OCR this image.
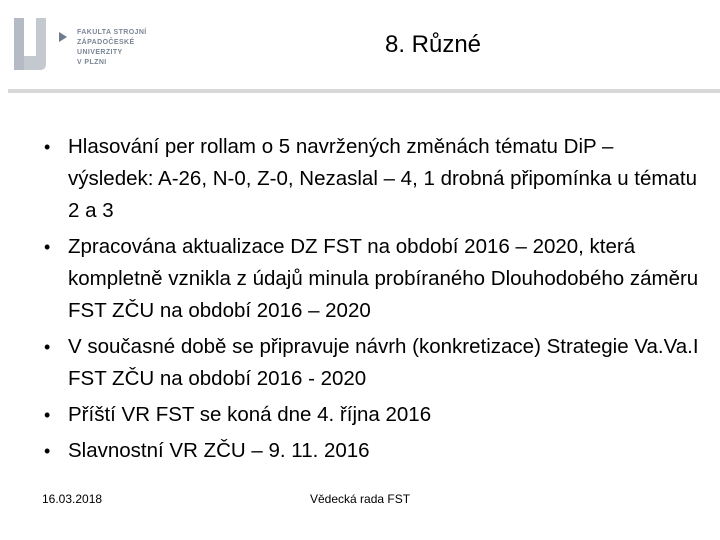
FAKULTA STROJNÍ
ZÁPADOČESKÉ
UNIVERZITY
V PLZNI
8. Různé
• Hlasování per rollam o 5 navržených změnách tématu DiP – výsledek: A-26, N-0, Z-0, Nezaslal – 4, 1 drobná připomínka u tématu 2 a 3
• Zpracována aktualizace DZ FST na období 2016 – 2020, která kompletně vznikla z údajů minula probíraného Dlouhodobého záměru FST ZČU na období 2016 – 2020
• V současné době se připravuje návrh (konkretizace) Strategie Va.Va.I FST ZČU na období 2016 - 2020
• Příští VR FST se koná dne 4. října 2016
• Slavnostní VR ZČU – 9. 11. 2016
16.03.2018	Vědecká rada FST
